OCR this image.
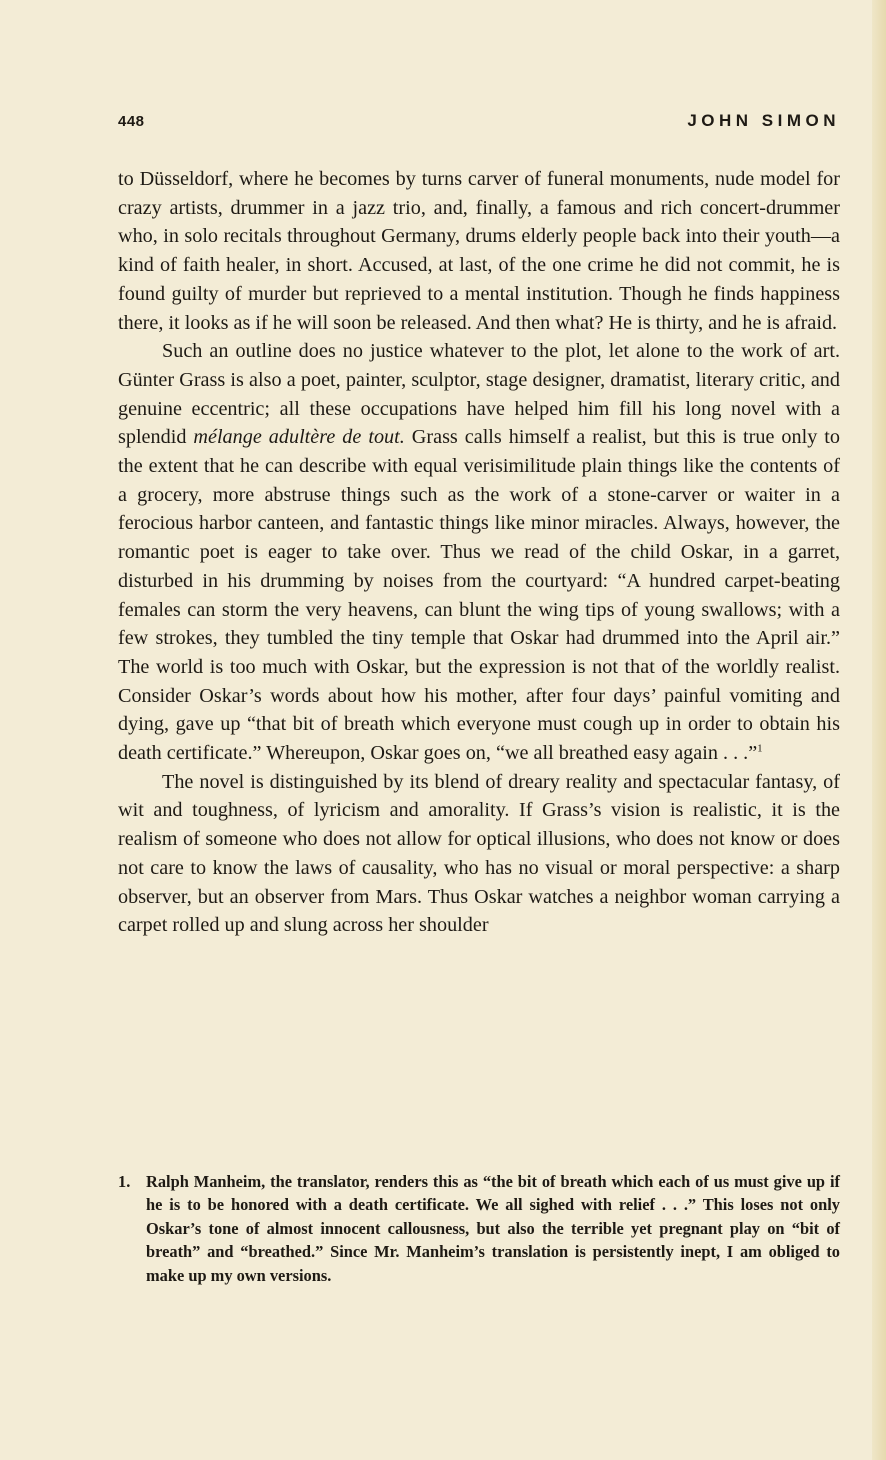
448	JOHN SIMON

to Düsseldorf, where he becomes by turns carver of funeral monuments, nude model for crazy artists, drummer in a jazz trio, and, finally, a famous and rich concert-drummer who, in solo recitals throughout Germany, drums elderly people back into their youth—a kind of faith healer, in short. Accused, at last, of the one crime he did not commit, he is found guilty of murder but reprieved to a mental institution. Though he finds happiness there, it looks as if he will soon be released. And then what? He is thirty, and he is afraid.

Such an outline does no justice whatever to the plot, let alone to the work of art. Günter Grass is also a poet, painter, sculptor, stage designer, dramatist, literary critic, and genuine eccentric; all these occupations have helped him fill his long novel with a splendid mélange adultère de tout. Grass calls himself a realist, but this is true only to the extent that he can describe with equal verisimilitude plain things like the contents of a grocery, more abstruse things such as the work of a stone-carver or waiter in a ferocious harbor canteen, and fantastic things like minor miracles. Always, however, the romantic poet is eager to take over. Thus we read of the child Oskar, in a garret, disturbed in his drumming by noises from the courtyard: “A hundred carpet-beating females can storm the very heavens, can blunt the wing tips of young swallows; with a few strokes, they tumbled the tiny temple that Oskar had drummed into the April air.” The world is too much with Oskar, but the expression is not that of the worldly realist. Consider Oskar’s words about how his mother, after four days’ painful vomiting and dying, gave up “that bit of breath which everyone must cough up in order to obtain his death certificate.” Whereupon, Oskar goes on, “we all breathed easy again . . .”$^1$

The novel is distinguished by its blend of dreary reality and spectacular fantasy, of wit and toughness, of lyricism and amorality. If Grass’s vision is realistic, it is the realism of someone who does not allow for optical illusions, who does not know or does not care to know the laws of causality, who has no visual or moral perspective: a sharp observer, but an observer from Mars. Thus Oskar watches a neighbor woman carrying a carpet rolled up and slung across her shoulder

1. Ralph Manheim, the translator, renders this as “the bit of breath which each of us must give up if he is to be honored with a death certificate. We all sighed with relief . . .” This loses not only Oskar’s tone of almost innocent callousness, but also the terrible yet pregnant play on “bit of breath” and “breathed.” Since Mr. Manheim’s translation is persistently inept, I am obliged to make up my own versions.
